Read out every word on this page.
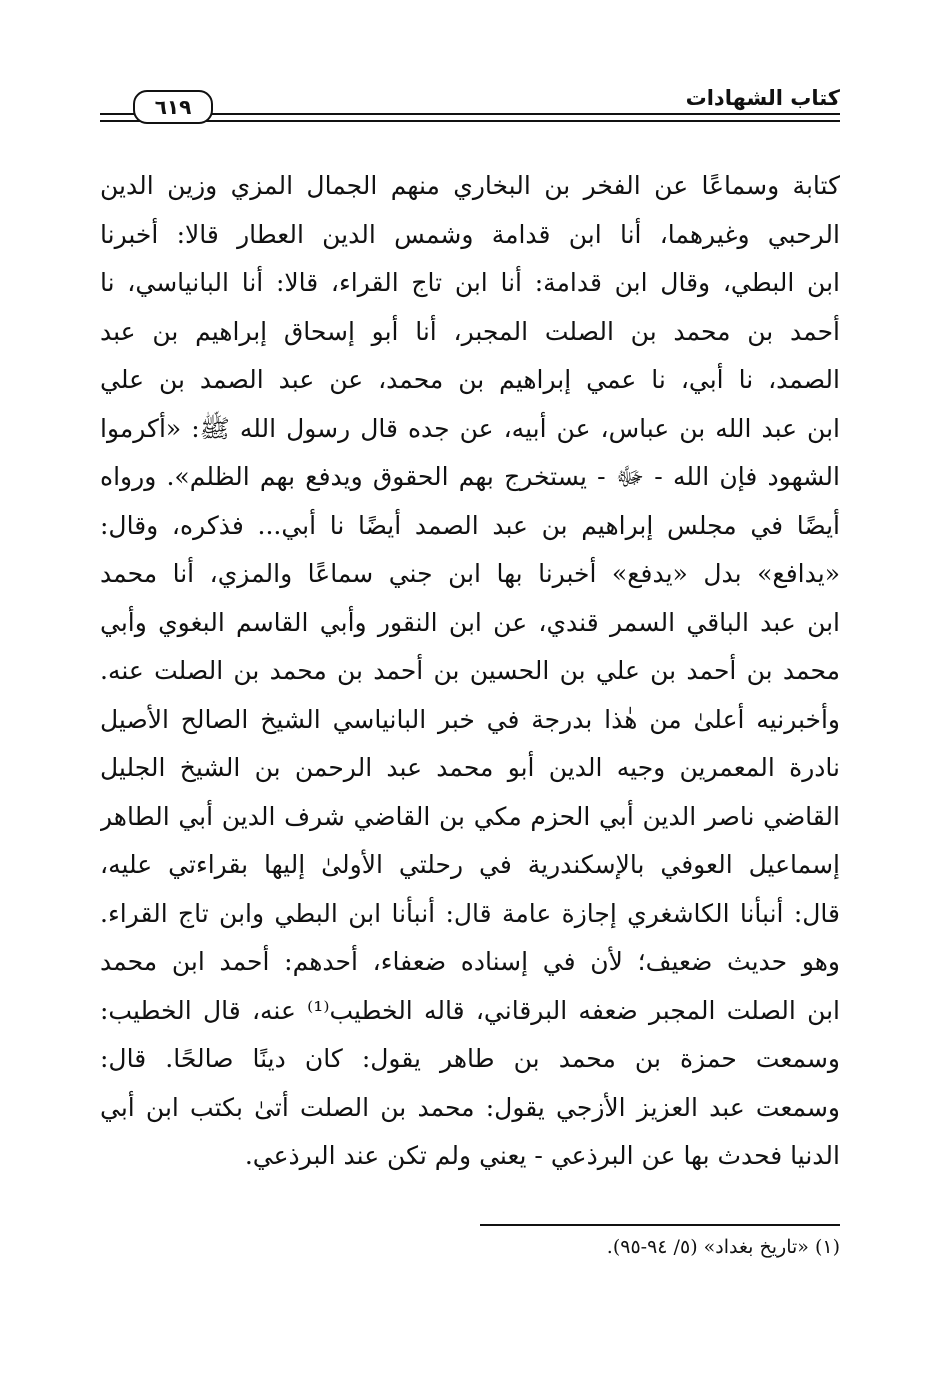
كتاب الشهادات
٦١٩
كتابة وسماعًا عن الفخر بن البخاري منهم الجمال المزي وزين الدين
الرحبي وغيرهما، أنا ابن قدامة وشمس الدين العطار قالا: أخبرنا
ابن البطي، وقال ابن قدامة: أنا ابن تاج القراء، قالا: أنا البانياسي، نا
أحمد بن محمد بن الصلت المجبر، أنا أبو إسحاق إبراهيم بن عبد
الصمد، نا أبي، نا عمي إبراهيم بن محمد، عن عبد الصمد بن علي
ابن عبد الله بن عباس، عن أبيه، عن جده قال رسول الله ﷺ: «أكرموا
الشهود فإن الله - ﷻ - يستخرج بهم الحقوق ويدفع بهم الظلم». ورواه
أيضًا في مجلس إبراهيم بن عبد الصمد أيضًا نا أبي... فذكره، وقال:
«يدافع» بدل «يدفع» أخبرنا بها ابن جني سماعًا والمزي، أنا محمد
ابن عبد الباقي السمر قندي، عن ابن النقور وأبي القاسم البغوي وأبي
محمد بن أحمد بن علي بن الحسين بن أحمد بن محمد بن الصلت عنه.
وأخبرنيه أعلىٰ من هٰذا بدرجة في خبر البانياسي الشيخ الصالح الأصيل
نادرة المعمرين وجيه الدين أبو محمد عبد الرحمن بن الشيخ الجليل
القاضي ناصر الدين أبي الحزم مكي بن القاضي شرف الدين أبي الطاهر
إسماعيل العوفي بالإسكندرية في رحلتي الأولىٰ إليها بقراءتي عليه،
قال: أنبأنا الكاشغري إجازة عامة قال: أنبأنا ابن البطي وابن تاج القراء.
وهو حديث ضعيف؛ لأن في إسناده ضعفاء، أحدهم: أحمد ابن محمد
ابن الصلت المجبر ضعفه البرقاني، قاله الخطيب⁽¹⁾ عنه، قال الخطيب:
وسمعت حمزة بن محمد بن طاهر يقول: كان دينًا صالحًا. قال:
وسمعت عبد العزيز الأزجي يقول: محمد بن الصلت أتىٰ بكتب ابن أبي
الدنيا فحدث بها عن البرذعي - يعني ولم تكن عند البرذعي.
(١) «تاريخ بغداد» (٥/ ٩٤-٩٥).
